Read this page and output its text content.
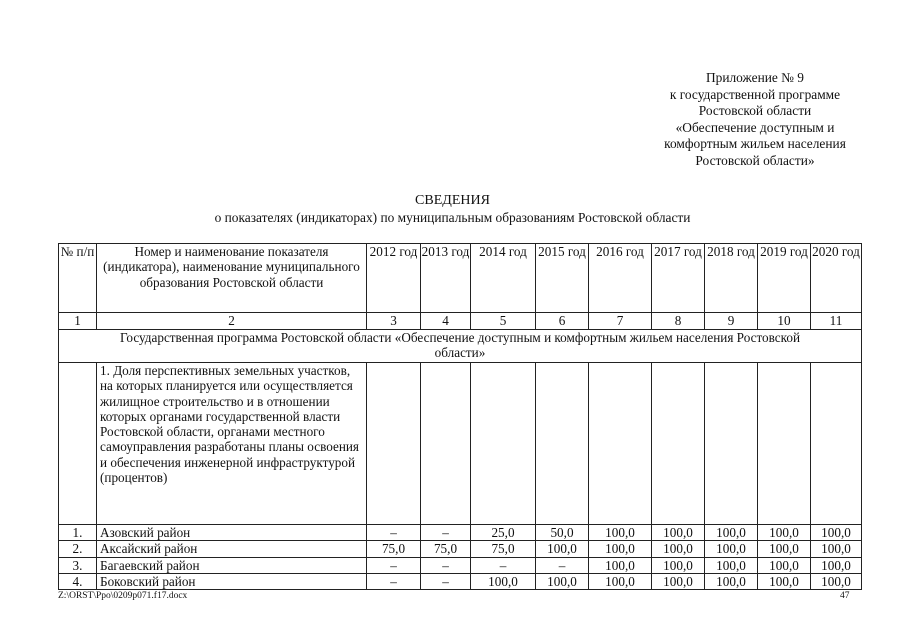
Приложение № 9
к государственной программе
Ростовской области
«Обеспечение доступным и
комфортным жильем населения
Ростовской области»
СВЕДЕНИЯ
о показателях (индикаторах) по муниципальным образованиям Ростовской области
№ п/п	Номер и наименование показателя (индикатора), наименование муниципального образования Ростовской области	2012 год	2013 год	2014 год	2015 год	2016 год	2017 год	2018 год	2019 год	2020 год
1	2	3	4	5	6	7	8	9	10	11
Государственная программа Ростовской области «Обеспечение доступным и комфортным жильем населения Ростовской области»										
	1. Доля перспективных земельных участков, на которых планируется или осуществляется жилищное строительство и в отношении которых органами государственной власти Ростовской области, органами местного самоуправления разработаны планы освоения и обеспечения инженерной инфраструктурой (процентов)									
1.	Азовский район	–	–	25,0	50,0	100,0	100,0	100,0	100,0	100,0
2.	Аксайский район	75,0	75,0	75,0	100,0	100,0	100,0	100,0	100,0	100,0
3.	Багаевский район	–	–	–	–	100,0	100,0	100,0	100,0	100,0
4.	Боковский район	–	–	100,0	100,0	100,0	100,0	100,0	100,0	100,0
Z:\ORST\Ppo\0209p071.f17.docx	47
